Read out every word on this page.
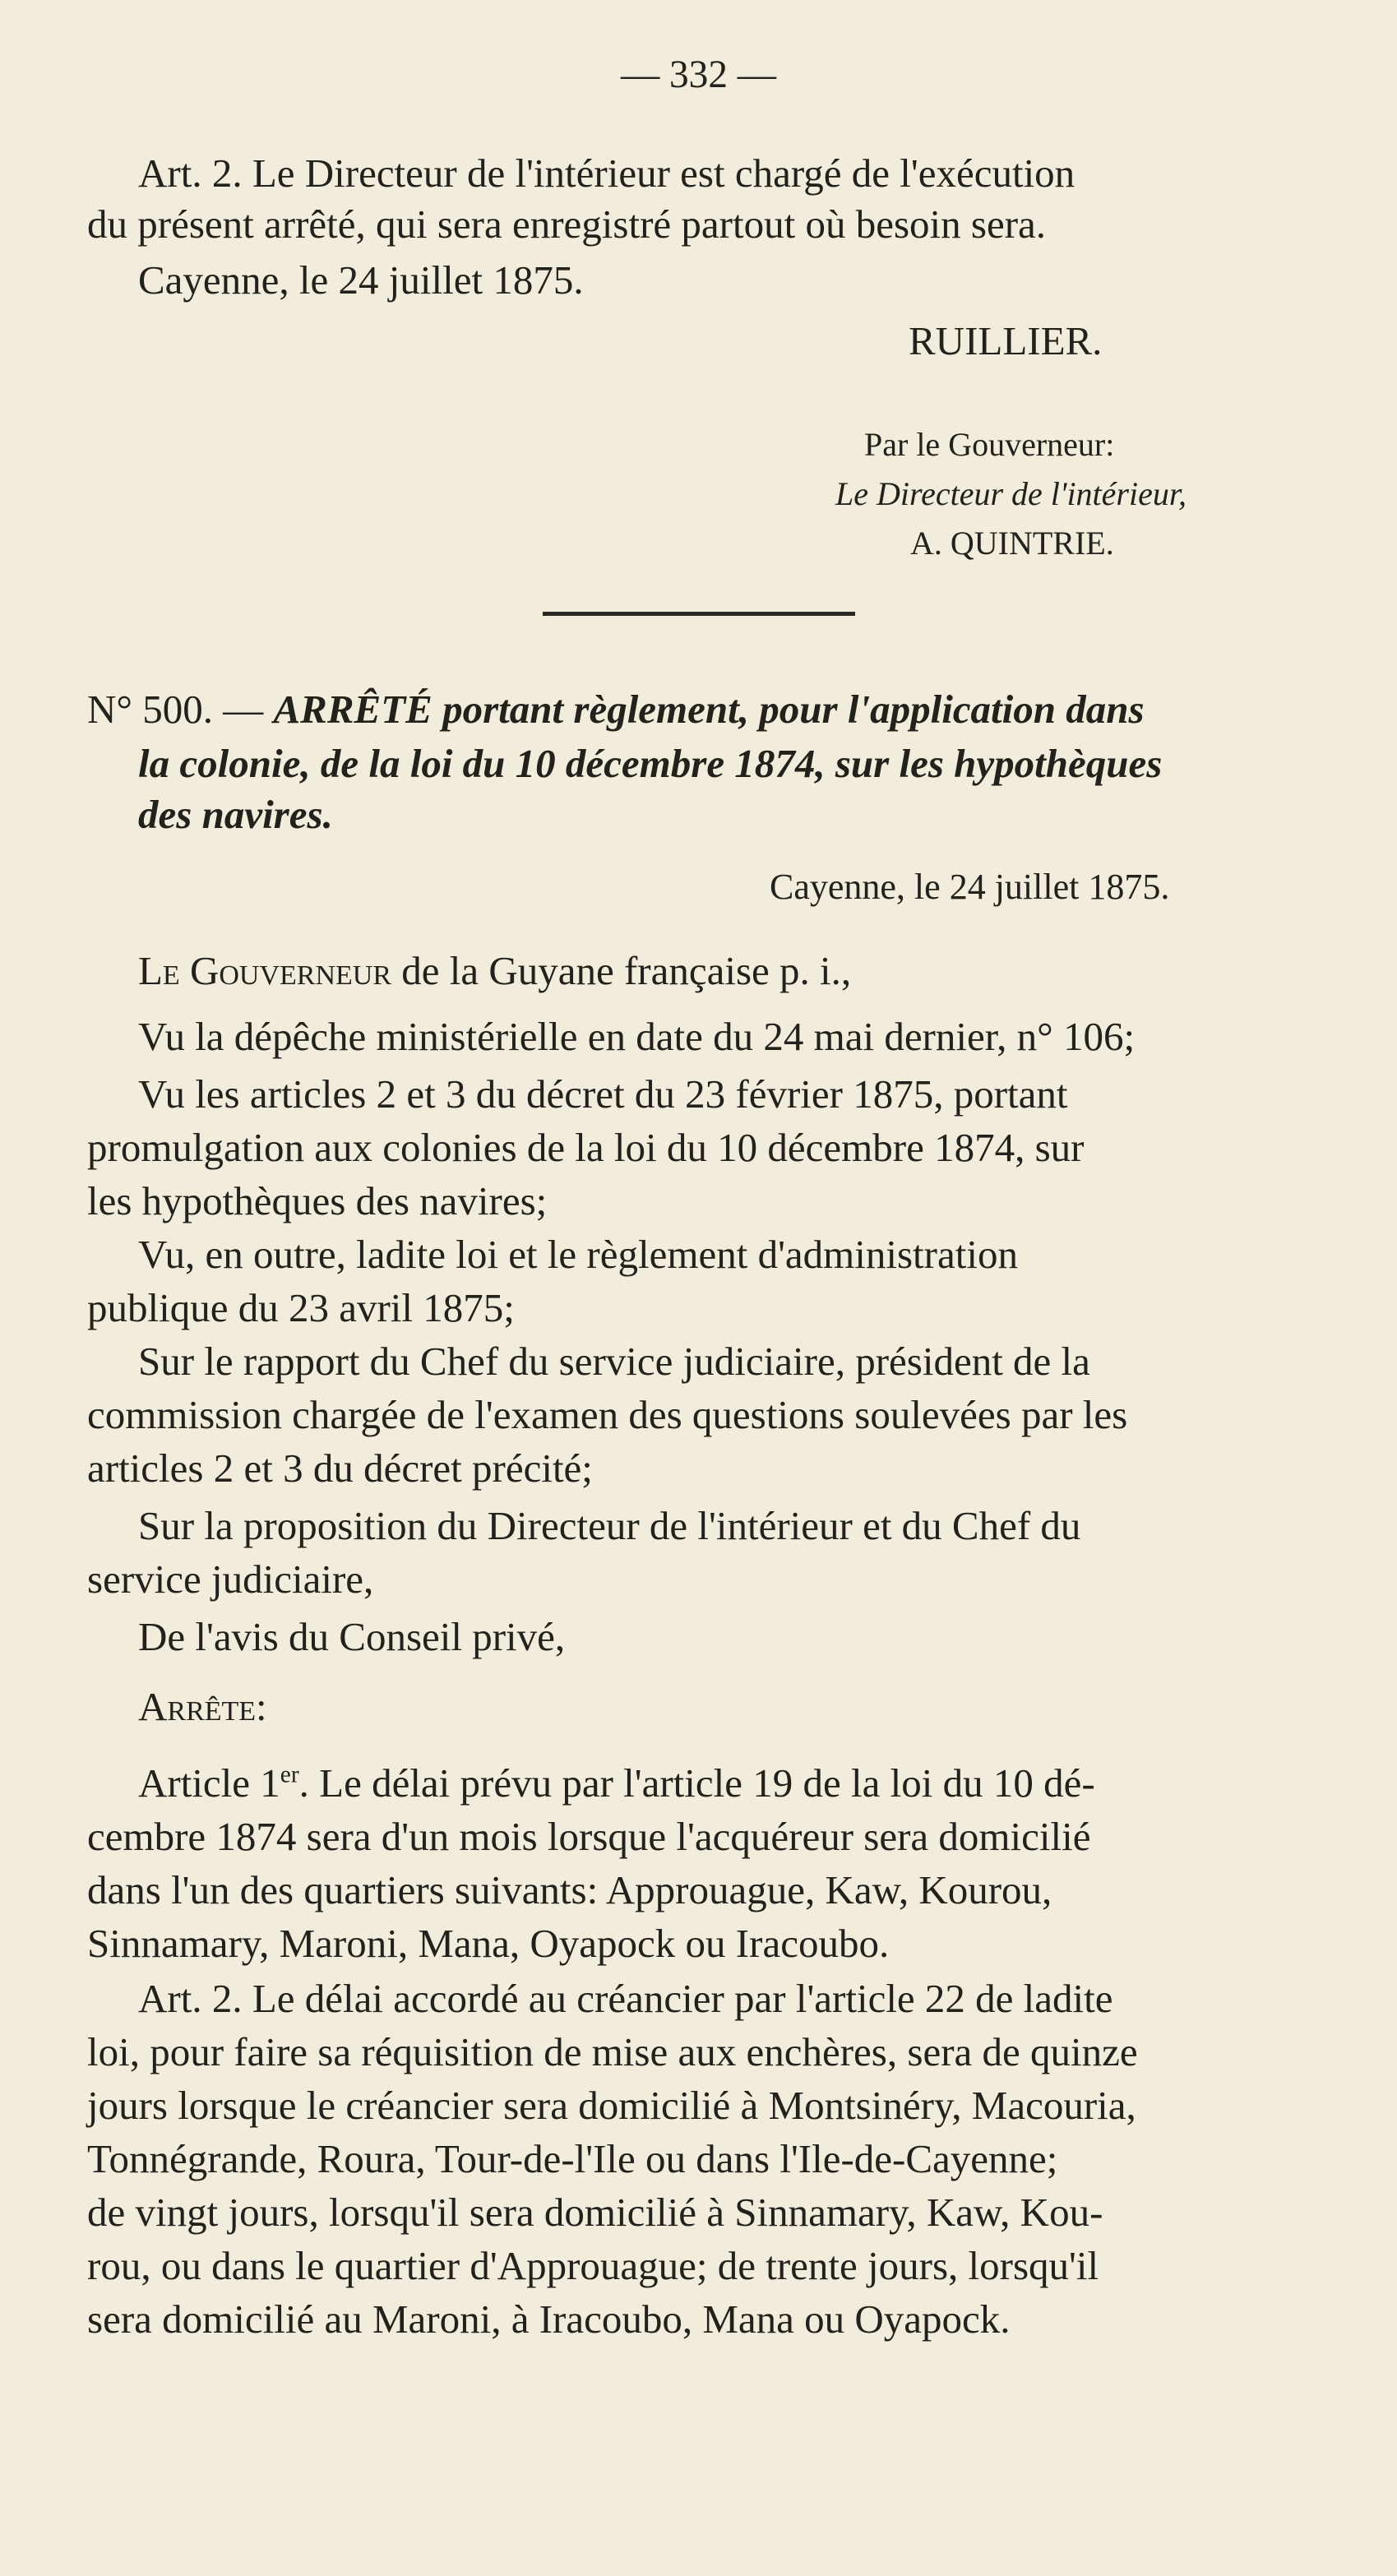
— 332 —
Art. 2. Le Directeur de l'intérieur est chargé de l'exécution
du présent arrêté, qui sera enregistré partout où besoin sera.
Cayenne, le 24 juillet 1875.
RUILLIER.
Par le Gouverneur:
Le Directeur de l'intérieur,
A. QUINTRIE.
N° 500. — ARRÊTÉ portant règlement, pour l'application dans
la colonie, de la loi du 10 décembre 1874, sur les hypothèques
des navires.
Cayenne, le 24 juillet 1875.
Le Gouverneur de la Guyane française p. i.,
Vu la dépêche ministérielle en date du 24 mai dernier, n° 106;
Vu les articles 2 et 3 du décret du 23 février 1875, portant
promulgation aux colonies de la loi du 10 décembre 1874, sur
les hypothèques des navires;
Vu, en outre, ladite loi et le règlement d'administration
publique du 23 avril 1875;
Sur le rapport du Chef du service judiciaire, président de la
commission chargée de l'examen des questions soulevées par les
articles 2 et 3 du décret précité;
Sur la proposition du Directeur de l'intérieur et du Chef du
service judiciaire,
De l'avis du Conseil privé,
Arrête:
Article 1er. Le délai prévu par l'article 19 de la loi du 10 dé-
cembre 1874 sera d'un mois lorsque l'acquéreur sera domicilié
dans l'un des quartiers suivants: Approuague, Kaw, Kourou,
Sinnamary, Maroni, Mana, Oyapock ou Iracoubo.
Art. 2. Le délai accordé au créancier par l'article 22 de ladite
loi, pour faire sa réquisition de mise aux enchères, sera de quinze
jours lorsque le créancier sera domicilié à Montsinéry, Macouria,
Tonnégrande, Roura, Tour-de-l'Ile ou dans l'Ile-de-Cayenne;
de vingt jours, lorsqu'il sera domicilié à Sinnamary, Kaw, Kou-
rou, ou dans le quartier d'Approuague; de trente jours, lorsqu'il
sera domicilié au Maroni, à Iracoubo, Mana ou Oyapock.
